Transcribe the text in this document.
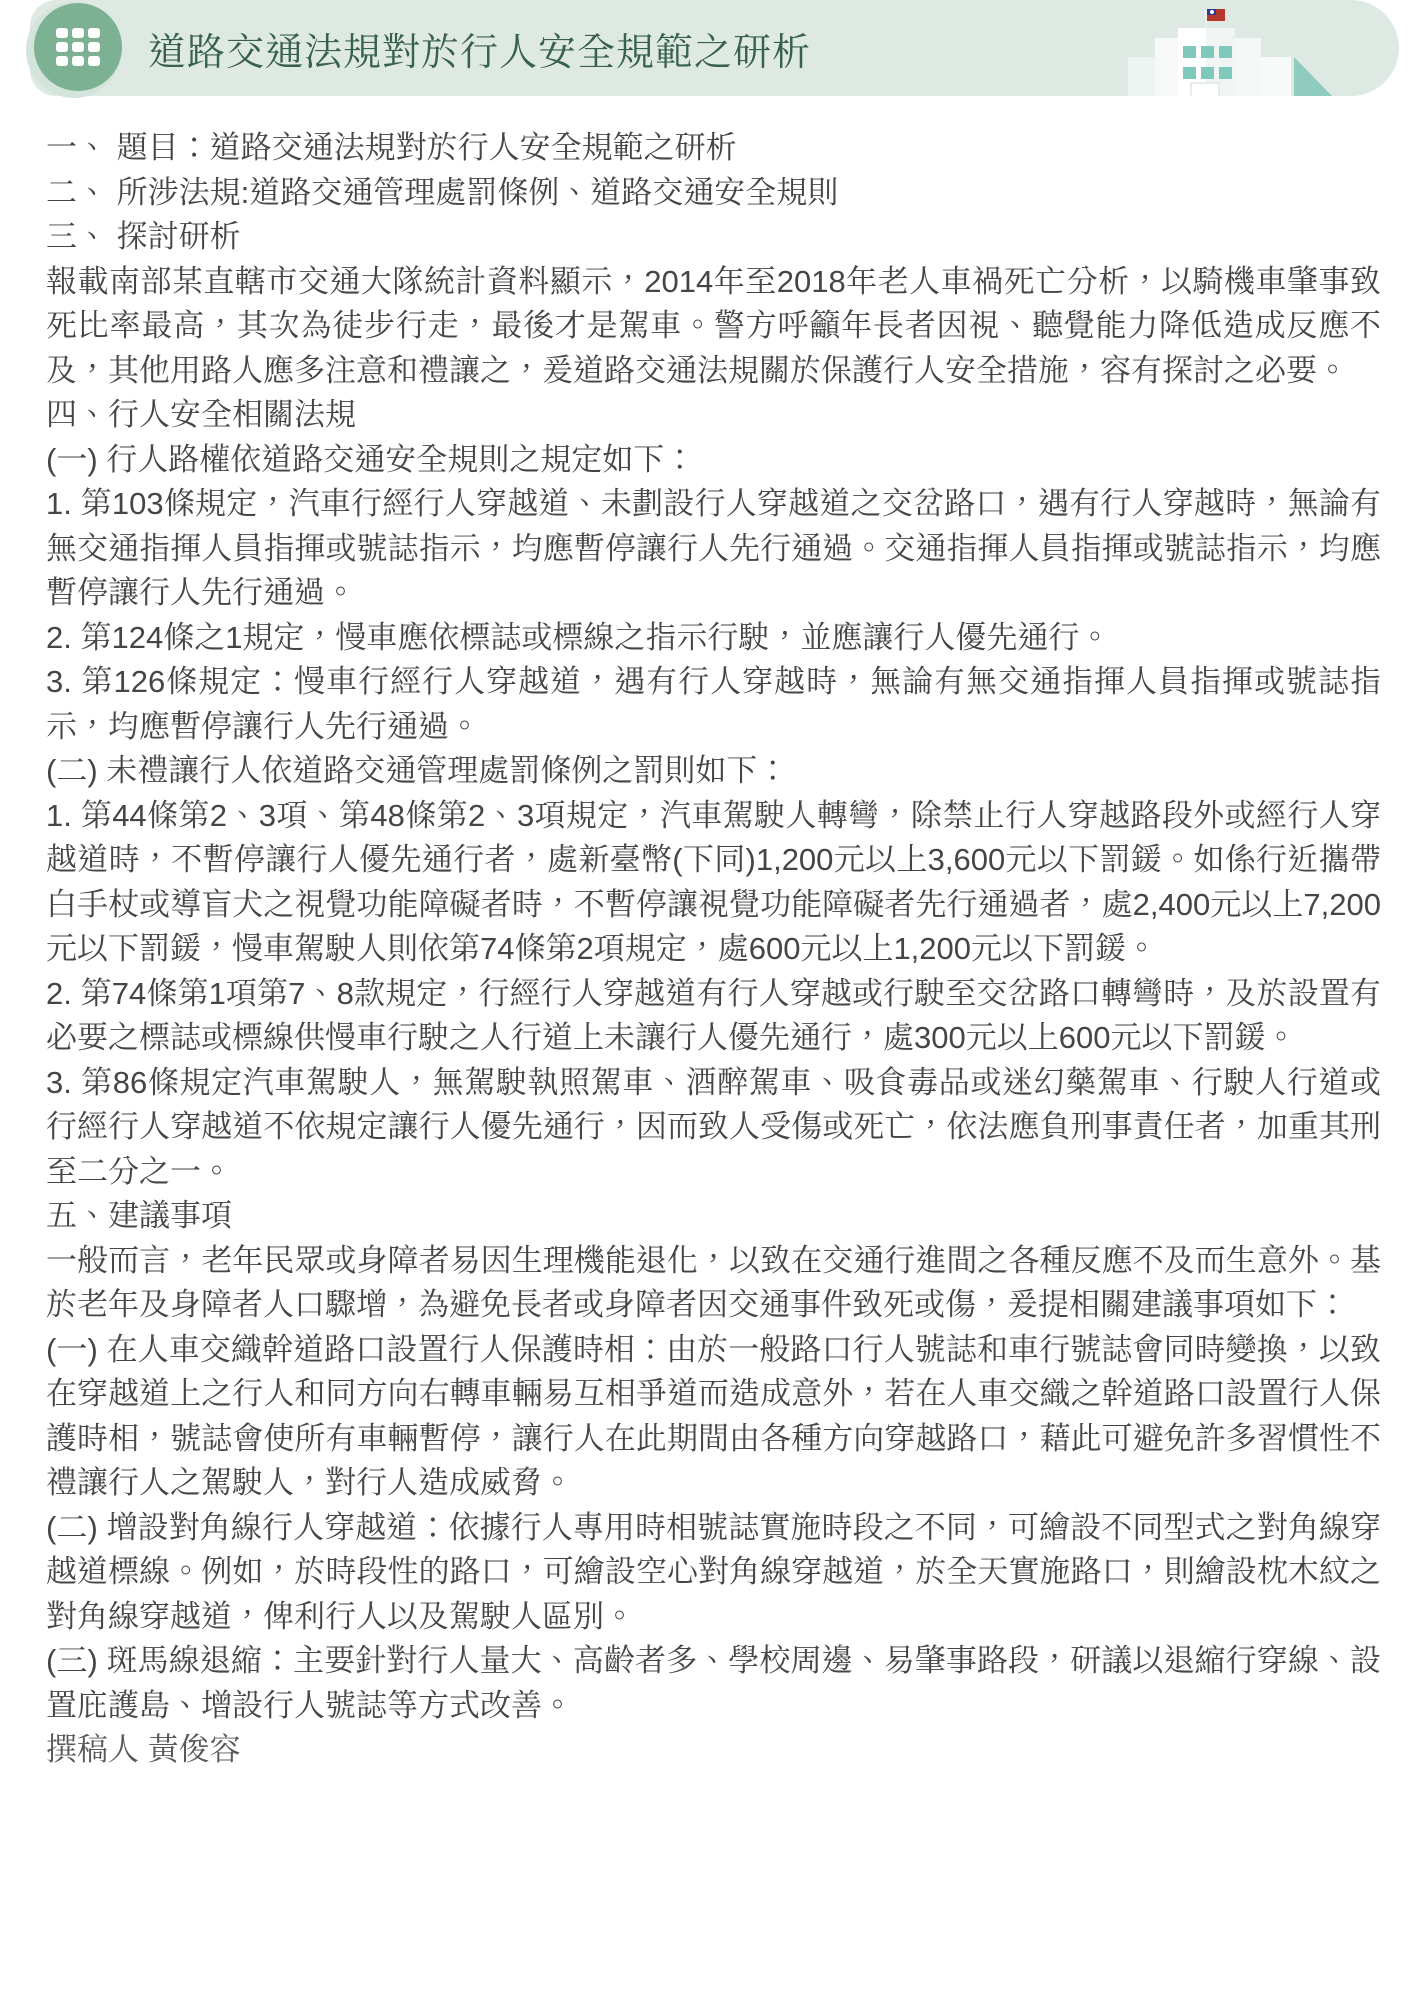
道路交通法規對於行人安全規範之研析

一、 題目：道路交通法規對於行人安全規範之研析

二、 所涉法規:道路交通管理處罰條例、道路交通安全規則

三、 探討研析

報載南部某直轄市交通大隊統計資料顯示，2014年至2018年老人車禍死亡分析，以騎機車肇事致死比率最高，其次為徒步行走，最後才是駕車。警方呼籲年長者因視、聽覺能力降低造成反應不及，其他用路人應多注意和禮讓之，爰道路交通法規關於保護行人安全措施，容有探討之必要。

四、行人安全相關法規

(一) 行人路權依道路交通安全規則之規定如下：

1. 第103條規定，汽車行經行人穿越道、未劃設行人穿越道之交岔路口，遇有行人穿越時，無論有無交通指揮人員指揮或號誌指示，均應暫停讓行人先行通過。交通指揮人員指揮或號誌指示，均應暫停讓行人先行通過。

2. 第124條之1規定，慢車應依標誌或標線之指示行駛，並應讓行人優先通行。

3. 第126條規定：慢車行經行人穿越道，遇有行人穿越時，無論有無交通指揮人員指揮或號誌指示，均應暫停讓行人先行通過。

(二) 未禮讓行人依道路交通管理處罰條例之罰則如下：

1. 第44條第2、3項、第48條第2、3項規定，汽車駕駛人轉彎，除禁止行人穿越路段外或經行人穿越道時，不暫停讓行人優先通行者，處新臺幣(下同)1,200元以上3,600元以下罰鍰。如係行近攜帶白手杖或導盲犬之視覺功能障礙者時，不暫停讓視覺功能障礙者先行通過者，處2,400元以上7,200元以下罰鍰，慢車駕駛人則依第74條第2項規定，處600元以上1,200元以下罰鍰。

2. 第74條第1項第7、8款規定，行經行人穿越道有行人穿越或行駛至交岔路口轉彎時，及於設置有必要之標誌或標線供慢車行駛之人行道上未讓行人優先通行，處300元以上600元以下罰鍰。

3. 第86條規定汽車駕駛人，無駕駛執照駕車、酒醉駕車、吸食毒品或迷幻藥駕車、行駛人行道或行經行人穿越道不依規定讓行人優先通行，因而致人受傷或死亡，依法應負刑事責任者，加重其刑至二分之一。

五、建議事項

一般而言，老年民眾或身障者易因生理機能退化，以致在交通行進間之各種反應不及而生意外。基於老年及身障者人口驟增，為避免長者或身障者因交通事件致死或傷，爰提相關建議事項如下：

(一) 在人車交織幹道路口設置行人保護時相：由於一般路口行人號誌和車行號誌會同時變換，以致在穿越道上之行人和同方向右轉車輛易互相爭道而造成意外，若在人車交織之幹道路口設置行人保護時相，號誌會使所有車輛暫停，讓行人在此期間由各種方向穿越路口，藉此可避免許多習慣性不禮讓行人之駕駛人，對行人造成威脅。

(二) 增設對角線行人穿越道：依據行人專用時相號誌實施時段之不同，可繪設不同型式之對角線穿越道標線。例如，於時段性的路口，可繪設空心對角線穿越道，於全天實施路口，則繪設枕木紋之對角線穿越道，俾利行人以及駕駛人區別。

(三) 斑馬線退縮：主要針對行人量大、高齡者多、學校周邊、易肇事路段，研議以退縮行穿線、設置庇護島、增設行人號誌等方式改善。

撰稿人 黃俊容
